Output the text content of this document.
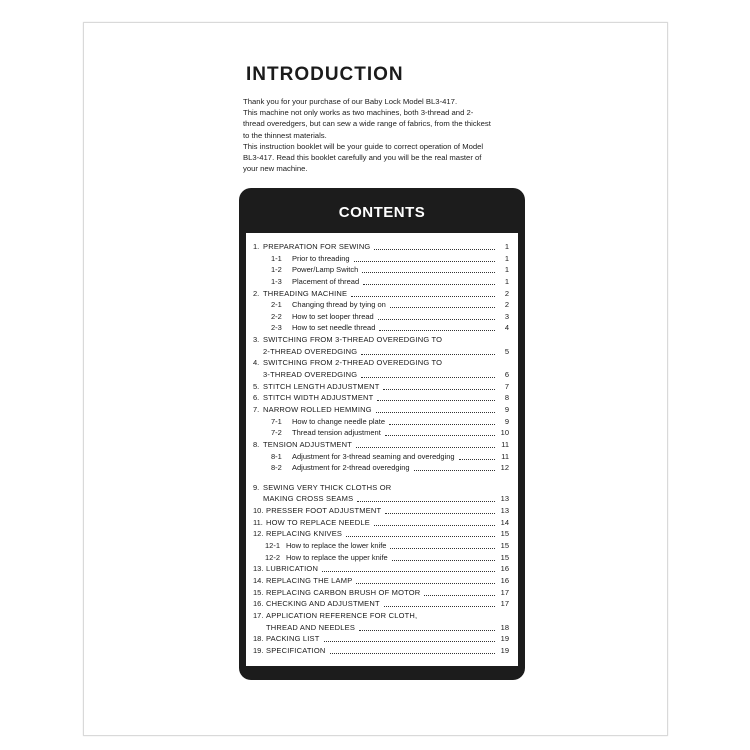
INTRODUCTION
Thank you for your purchase of our Baby Lock Model BL3-417.
This machine not only works as two machines, both 3-thread and 2-
thread overedgers, but can sew a wide range of fabrics, from the thickest
to the thinnest materials.
This instruction booklet will be your guide to correct operation of Model
BL3-417. Read this booklet carefully and you will be the real master of
your new machine.
CONTENTS
1. PREPARATION FOR SEWING	1
1-1 Prior to threading	1
1-2 Power/Lamp Switch	1
1-3 Placement of thread	1
2. THREADING MACHINE	2
2-1 Changing thread by tying on	2
2-2 How to set looper thread	3
2-3 How to set needle thread	4
3. SWITCHING FROM 3-THREAD OVEREDGING TO
2-THREAD OVEREDGING	5
4. SWITCHING FROM 2-THREAD OVEREDGING TO
3-THREAD OVEREDGING	6
5. STITCH LENGTH ADJUSTMENT	7
6. STITCH WIDTH ADJUSTMENT	8
7. NARROW ROLLED HEMMING	9
7-1 How to change needle plate	9
7-2 Thread tension adjustment	10
8. TENSION ADJUSTMENT	11
8-1 Adjustment for 3-thread seaming and overedging	11
8-2 Adjustment for 2-thread overedging	12
9. SEWING VERY THICK CLOTHS OR
MAKING CROSS SEAMS	13
10. PRESSER FOOT ADJUSTMENT	13
11. HOW TO REPLACE NEEDLE	14
12. REPLACING KNIVES	15
12-1 How to replace the lower knife	15
12-2 How to replace the upper knife	15
13. LUBRICATION	16
14. REPLACING THE LAMP	16
15. REPLACING CARBON BRUSH OF MOTOR	17
16. CHECKING AND ADJUSTMENT	17
17. APPLICATION REFERENCE FOR CLOTH,
THREAD AND NEEDLES	18
18. PACKING LIST	19
19. SPECIFICATION	19
